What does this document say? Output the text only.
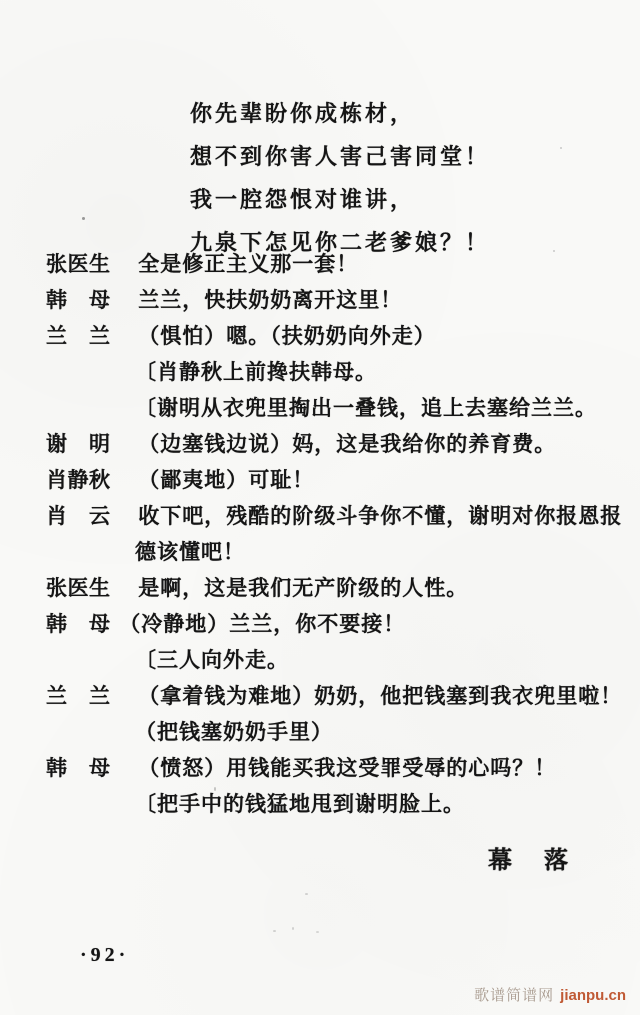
你先辈盼你成栋材，
想不到你害人害己害同堂！
我一腔怨恨对谁讲，
九泉下怎见你二老爹娘？！
张医生 全是修正主义那一套！
韩　母 兰兰，快扶奶奶离开这里！
兰　兰 （惧怕）嗯。（扶奶奶向外走）
〔肖静秋上前搀扶韩母。
〔谢明从衣兜里掏出一叠钱，追上去塞给兰兰。
谢　明 （边塞钱边说）妈，这是我给你的养育费。
肖静秋 （鄙夷地）可耻！
肖　云 收下吧，残酷的阶级斗争你不懂，谢明对你报恩报
德该懂吧！
张医生 是啊，这是我们无产阶级的人性。
韩　母 （冷静地）兰兰，你不要接！
〔三人向外走。
兰　兰 （拿着钱为难地）奶奶，他把钱塞到我衣兜里啦！
（把钱塞奶奶手里）
韩　母 （愤怒）用钱能买我这受罪受辱的心吗？！
〔把手中的钱猛地甩到谢明脸上。
幕　落
·92·
歌谱简谱网 jianpu.cn
